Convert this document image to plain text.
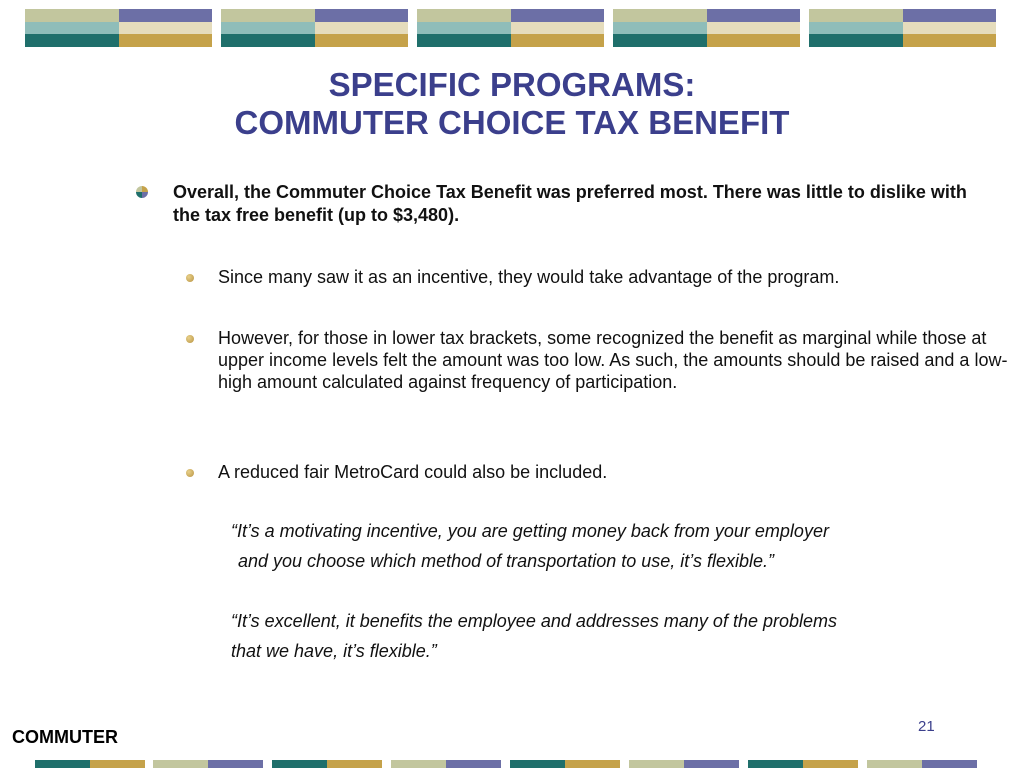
SPECIFIC PROGRAMS:
COMMUTER CHOICE TAX BENEFIT
Overall, the Commuter Choice Tax Benefit was preferred most. There was little to dislike with the tax free benefit (up to $3,480).
Since many saw it as an incentive, they would take advantage of the program.
However, for those in lower tax brackets, some recognized the benefit as marginal while those at upper income levels felt the amount was too low. As such, the amounts should be raised and a low-high amount calculated against frequency of participation.
A reduced fair MetroCard could also be included.
“It’s a motivating incentive, you are getting money back from your employer
and you choose which method of transportation to use, it’s flexible.”
“It’s excellent, it benefits the employee and addresses many of the problems
that we have, it’s flexible.”
COMMUTER
21
